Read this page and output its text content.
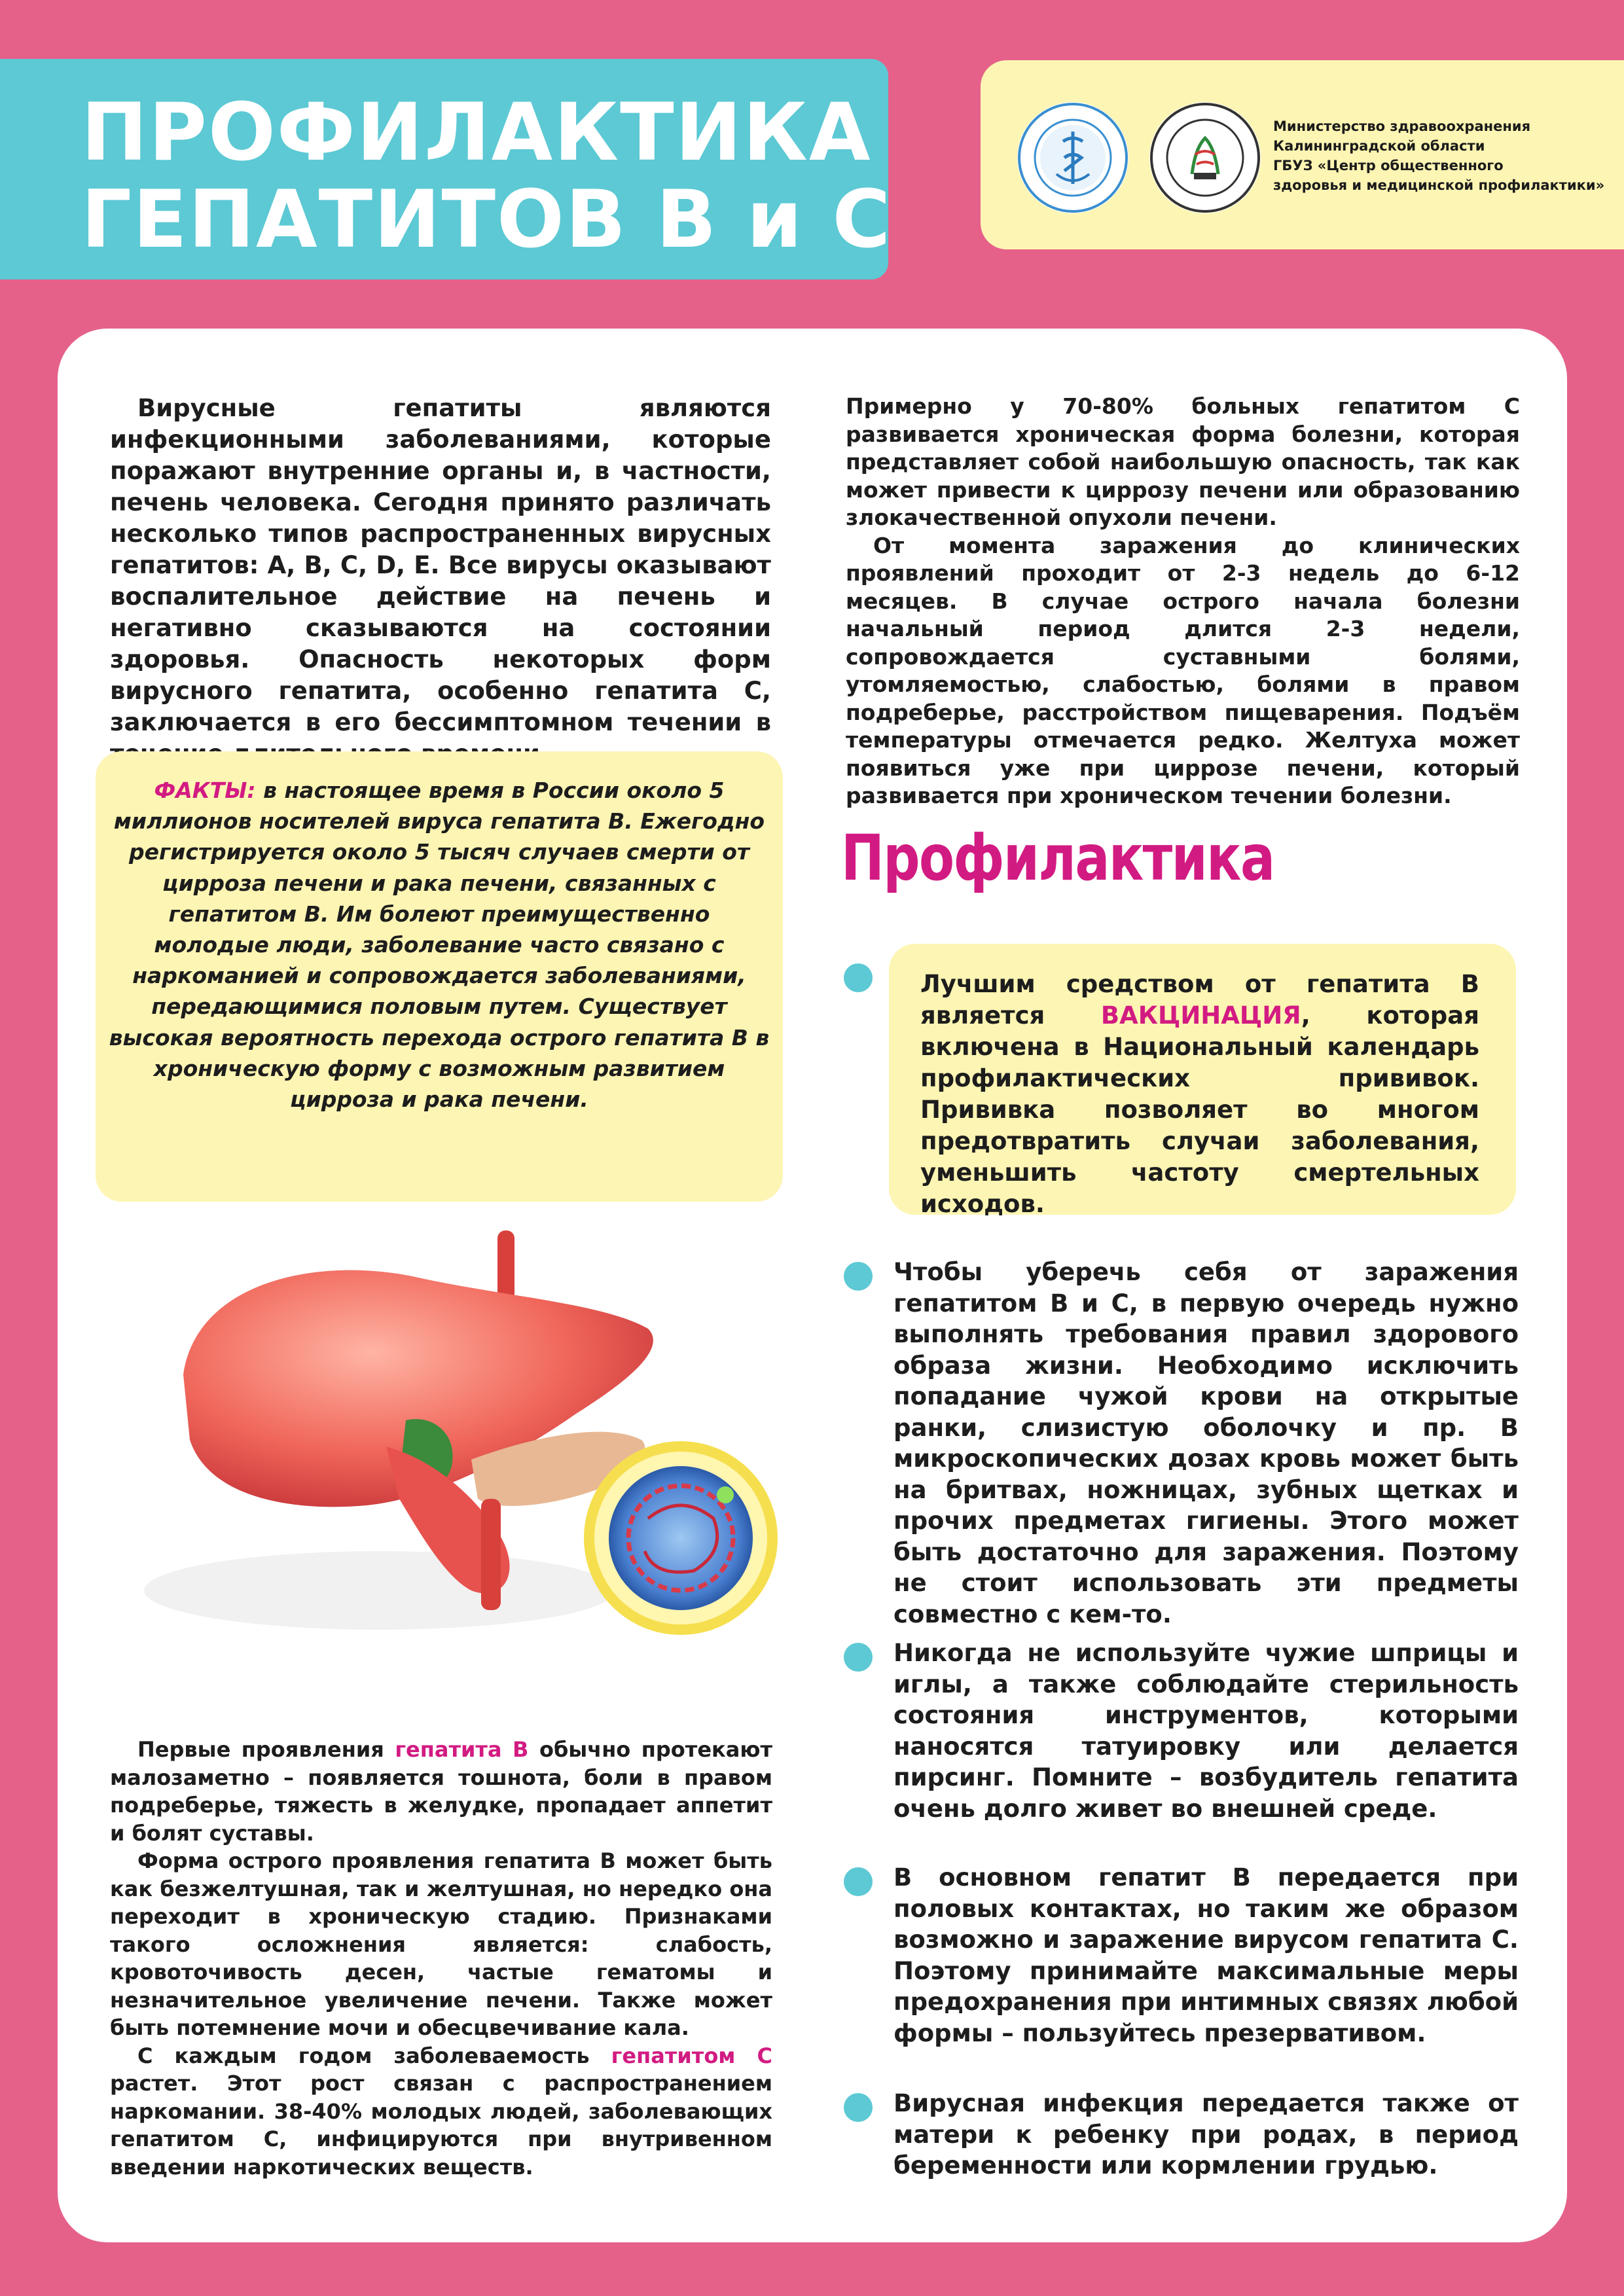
ПРОФИЛАКТИКА
ГЕПАТИТОВ В и С
Министерство здравоохранения
Калининградской области
ГБУЗ «Центр общественного
здоровья и медицинской профилактики»

Вирусные гепатиты являются инфекционными заболеваниями, которые поражают внутренние органы и, в частности, печень человека. Сегодня принято различать несколько типов распространенных вирусных гепатитов: А, В, С, D, Е. Все вирусы оказывают воспалительное действие на печень и негативно сказываются на состоянии здоровья. Опасность некоторых форм вирусного гепатита, особенно гепатита С, заключается в его бессимптомном течении в

ФАКТЫ: в настоящее время в России около 5 миллионов носителей вируса гепатита В. Ежегодно регистрируется около 5 тысяч случаев смерти от цирроза печени и рака печени, связанных с гепатитом В. Им болеют преимущественно молодые люди, заболевание часто связано с наркоманией и сопровождается заболеваниями, передающимися половым путем. Существует высокая вероятность перехода острого гепатита В в хроническую форму с возможным развитием цирроза и рака печени.
Первые проявления гепатита В обычно протекают малозаметно – появляется тошнота, боли в правом подреберье, тяжесть в желудке, пропадает аппетит и болят суставы.
Форма острого проявления гепатита В может быть как безжелтушная, так и желтушная, но нередко она переходит в хроническую стадию. Признаками такого осложнения является: слабость, кровоточивость десен, частые гематомы и незначительное увеличение печени. Также может быть потемнение мочи и обесцвечивание кала.
С каждым годом заболеваемость гепатитом С растет. Этот рост связан с распространением наркомании. 38-40% молодых людей, заболевающих гепатитом С, инфицируются при внутривенном введении наркотических веществ.
Примерно у 70-80% больных гепатитом С развивается хроническая форма болезни, которая представляет собой наибольшую опасность, так как может привести к циррозу печени или образованию злокачественной опухоли печени.
От момента заражения до клинических проявлений проходит от 2-3 недель до 6-12 месяцев. В случае острого начала болезни начальный период длится 2-3 недели, сопровождается суставными болями, утомляемостью, слабостью, болями в правом подреберье, расстройством пищеварения. Подъём температуры отмечается редко. Желтуха может появиться уже при циррозе печени, который развивается при хроническом течении болезни.
Профилактика
Лучшим средством от гепатита В является ВАКЦИНАЦИЯ, которая включена в Национальный календарь профилактических прививок. Прививка позволяет во многом предотвратить случаи заболевания, уменьшить частоту смертельных исходов.
Чтобы уберечь себя от заражения гепатитом В и С, в первую очередь нужно выполнять требования правил здорового образа жизни. Необходимо исключить попадание чужой крови на открытые ранки, слизистую оболочку и пр. В микроскопических дозах кровь может быть на бритвах, ножницах, зубных щетках и прочих предметах гигиены. Этого может быть достаточно для заражения. Поэтому не стоит использовать эти предметы совместно с кем-то.
Никогда не используйте чужие шприцы и иглы, а также соблюдайте стерильность состояния инструментов, которыми наносятся татуировку или делается пирсинг. Помните – возбудитель гепатита очень долго живет во внешней среде.
В основном гепатит В передается при половых контактах, но таким же образом возможно и заражение вирусом гепатита С. Поэтому принимайте максимальные меры предохранения при интимных связях любой формы – пользуйтесь презервативом.
Вирусная инфекция передается также от матери к ребенку при родах, в период беременности или кормлении грудью.
